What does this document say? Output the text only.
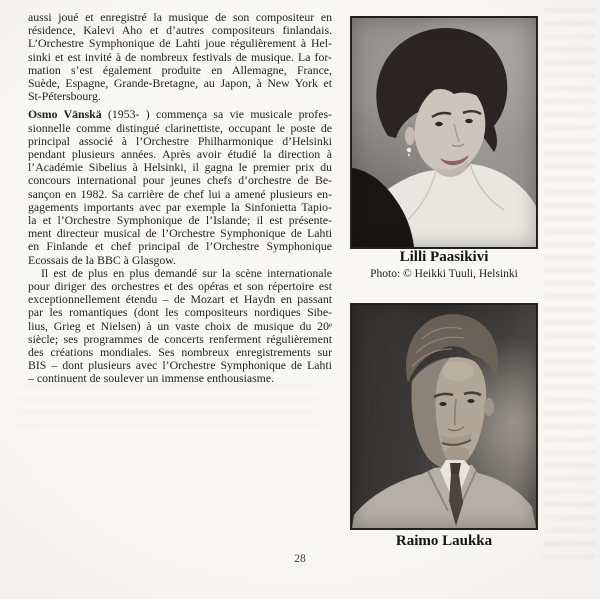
aussi joué et enregistré la musique de son compositeur en
résidence, Kalevi Aho et d’autres compositeurs finlandais.
L’Orchestre Symphonique de Lahti joue régulièrement à Hel-
sinki et est invité à de nombreux festivals de musique. La for-
mation s’est également produite en Allemagne, France,
Suède, Espagne, Grande-Bretagne, au Japon, à New York et
St-Pétersbourg.
Osmo Vänskä (1953- ) commença sa vie musicale profes-
sionnelle comme distingué clarinettiste, occupant le poste de
principal associé à l’Orchestre Philharmonique d’Helsinki
pendant plusieurs années. Après avoir étudié la direction à
l’Académie Sibelius à Helsinki, il gagna le premier prix du
concours international pour jeunes chefs d’orchestre de Be-
sançon en 1982. Sa carrière de chef lui a amené plusieurs en-
gagements importants avec par exemple la Sinfonietta Tapio-
la et l’Orchestre Symphonique de l’Islande; il est présente-
ment directeur musical de l’Orchestre Symphonique de Lahti
en Finlande et chef principal de l’Orchestre Symphonique
Ecossais de la BBC à Glasgow.
Il est de plus en plus demandé sur la scène internationale
pour diriger des orchestres et des opéras et son répertoire est
exceptionnellement étendu – de Mozart et Haydn en passant
par les romantiques (dont les compositeurs nordiques Sibe-
lius, Grieg et Nielsen) à un vaste choix de musique du 20ᵉ
siècle; ses programmes de concerts renferment régulièrement
des créations mondiales. Ses nombreux enregistrements sur
BIS – dont plusieurs avec l’Orchestre Symphonique de Lahti
– continuent de soulever un immense enthousiasme.
Lilli Paasikivi
Photo: © Heikki Tuuli, Helsinki
Raimo Laukka
28
